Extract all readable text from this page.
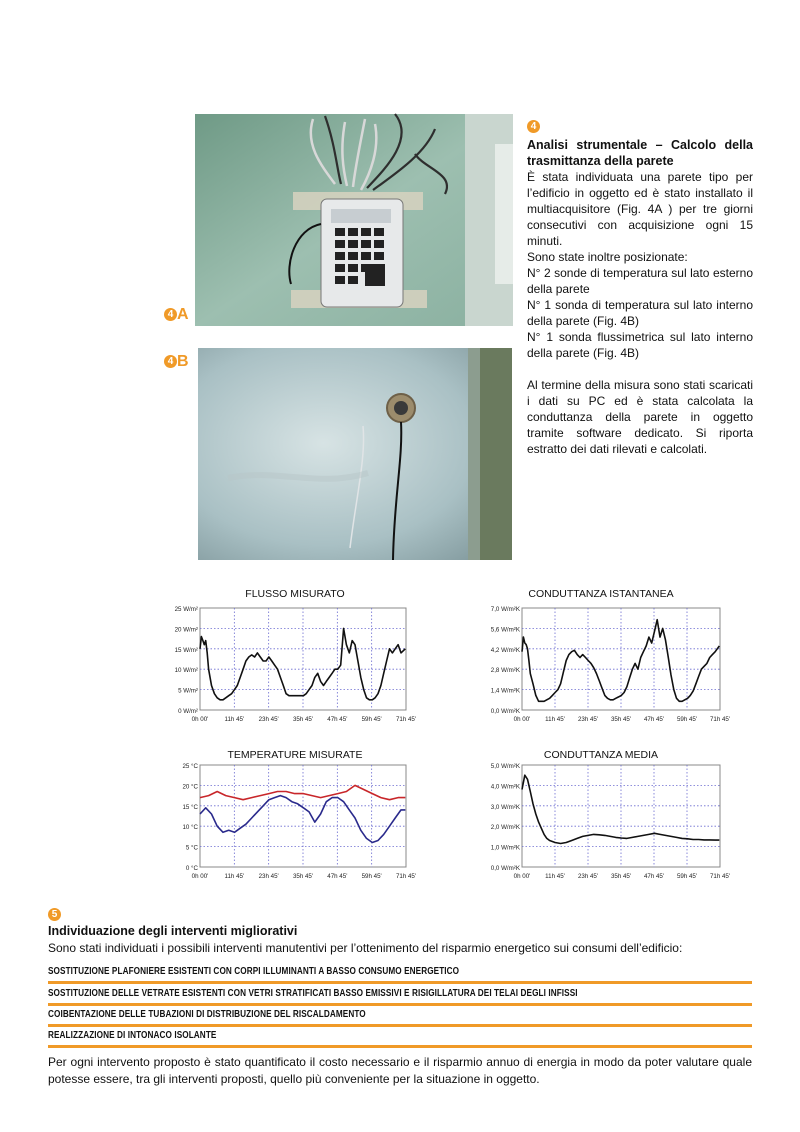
4 A
4 B
4

Analisi strumentale – Calcolo della trasmittanza della parete

È stata individuata una parete tipo per l’edificio in oggetto ed è stato installato il multiacquisitore (Fig. 4A ) per tre giorni consecutivi con acquisizione ogni 15 minuti.

Sono state inoltre posizionate:

N° 2 sonde di temperatura sul lato esterno della parete

N° 1 sonda di temperatura sul lato interno della parete (Fig. 4B)

N° 1 sonda flussimetrica sul lato interno della parete (Fig. 4B)

Al termine della misura sono stati scaricati i dati su PC ed è stata calcolata la conduttanza della parete in oggetto tramite software dedicato. Si riporta estratto dei dati rilevati e calcolati.

FLUSSO MISURATO	CONDUTTANZA ISTANTANEA
TEMPERATURE MISURATE	CONDUTTANZA MEDIA
25 W/m²
20 W/m²
15 W/m²
10 W/m²
5 W/m²
0 W/m²
0h 00'	11h 45' 23h 45' 35h 45' 47h 45' 59h 45' 71h 45'
7,0 W/m²K
5,6 W/m²K
4,2 W/m²K
2,8 W/m²K
1,4 W/m²K
0,0 W/m²K
0h 00' 11h 45' 23h 45' 35h 45' 47h 45' 59h 45' 71h 45'
25 °C
20 °C
15 °C
10 °C
5 °C
0 °C
0h 00'	11h 45' 23h 45' 35h 45' 47h 45' 59h 45' 71h 45'
5,0 W/m²K
4,0 W/m²K
3,0 W/m²K
2,0 W/m²K
1,0 W/m²K
0,0 W/m²K
0h 00' 11h 45' 23h 45' 35h 45' 47h 45' 59h 45' 71h 45'
5
Individuazione degli interventi migliorativi
Sono stati individuati i possibili interventi manutentivi per l’ottenimento del risparmio energetico sui consumi dell’edificio:
SOSTITUZIONE PLAFONIERE ESISTENTI CON CORPI ILLUMINANTI A BASSO CONSUMO ENERGETICO
SOSTITUZIONE DELLE VETRATE ESISTENTI CON VETRI STRATIFICATI BASSO EMISSIVI E RISIGILLATURA DEI TELAI DEGLI INFISSI
COIBENTAZIONE DELLE TUBAZIONI DI DISTRIBUZIONE DEL RISCALDAMENTO
REALIZZAZIONE DI INTONACO ISOLANTE
Per ogni intervento proposto è stato quantificato il costo necessario e il risparmio annuo di energia in modo da poter valutare quale potesse essere, tra gli interventi proposti, quello più conveniente per la situazione in oggetto.
